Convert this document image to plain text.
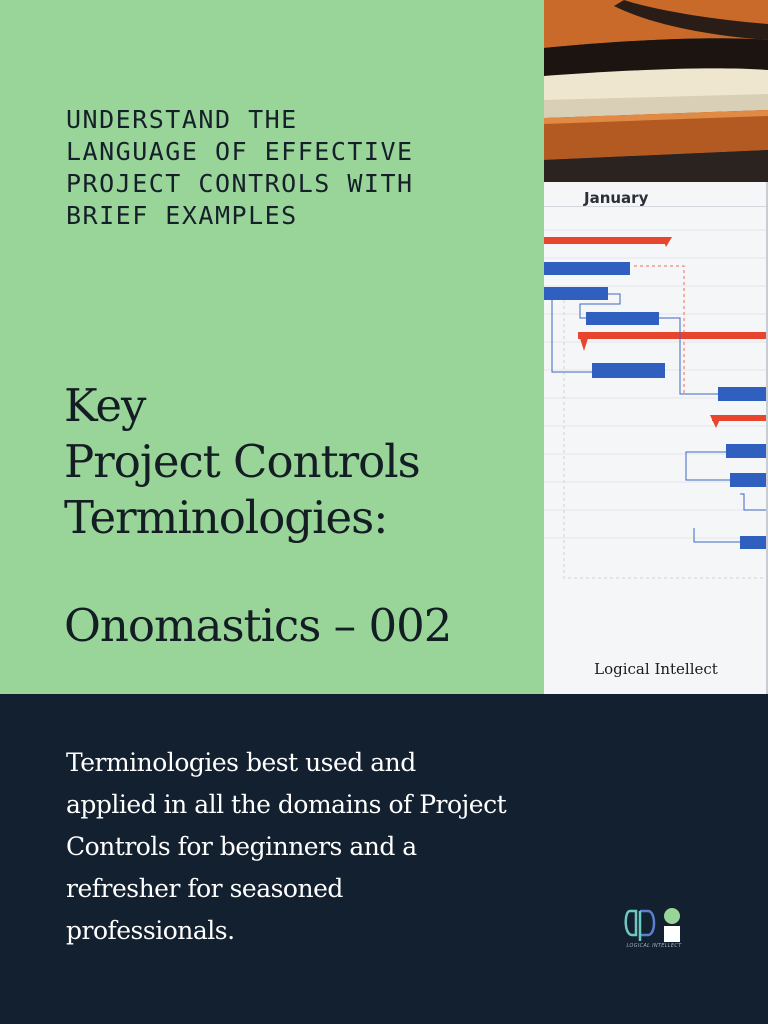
UNDERSTAND THE
LANGUAGE OF EFFECTIVE
PROJECT CONTROLS WITH
BRIEF EXAMPLES
Key
Project Controls
Terminologies:
Onomastics – 002
January
Logical Intellect
Terminologies best used and
applied in all the domains of Project
Controls for beginners and a
refresher for seasoned
professionals.
LOGICAL INTELLECT
